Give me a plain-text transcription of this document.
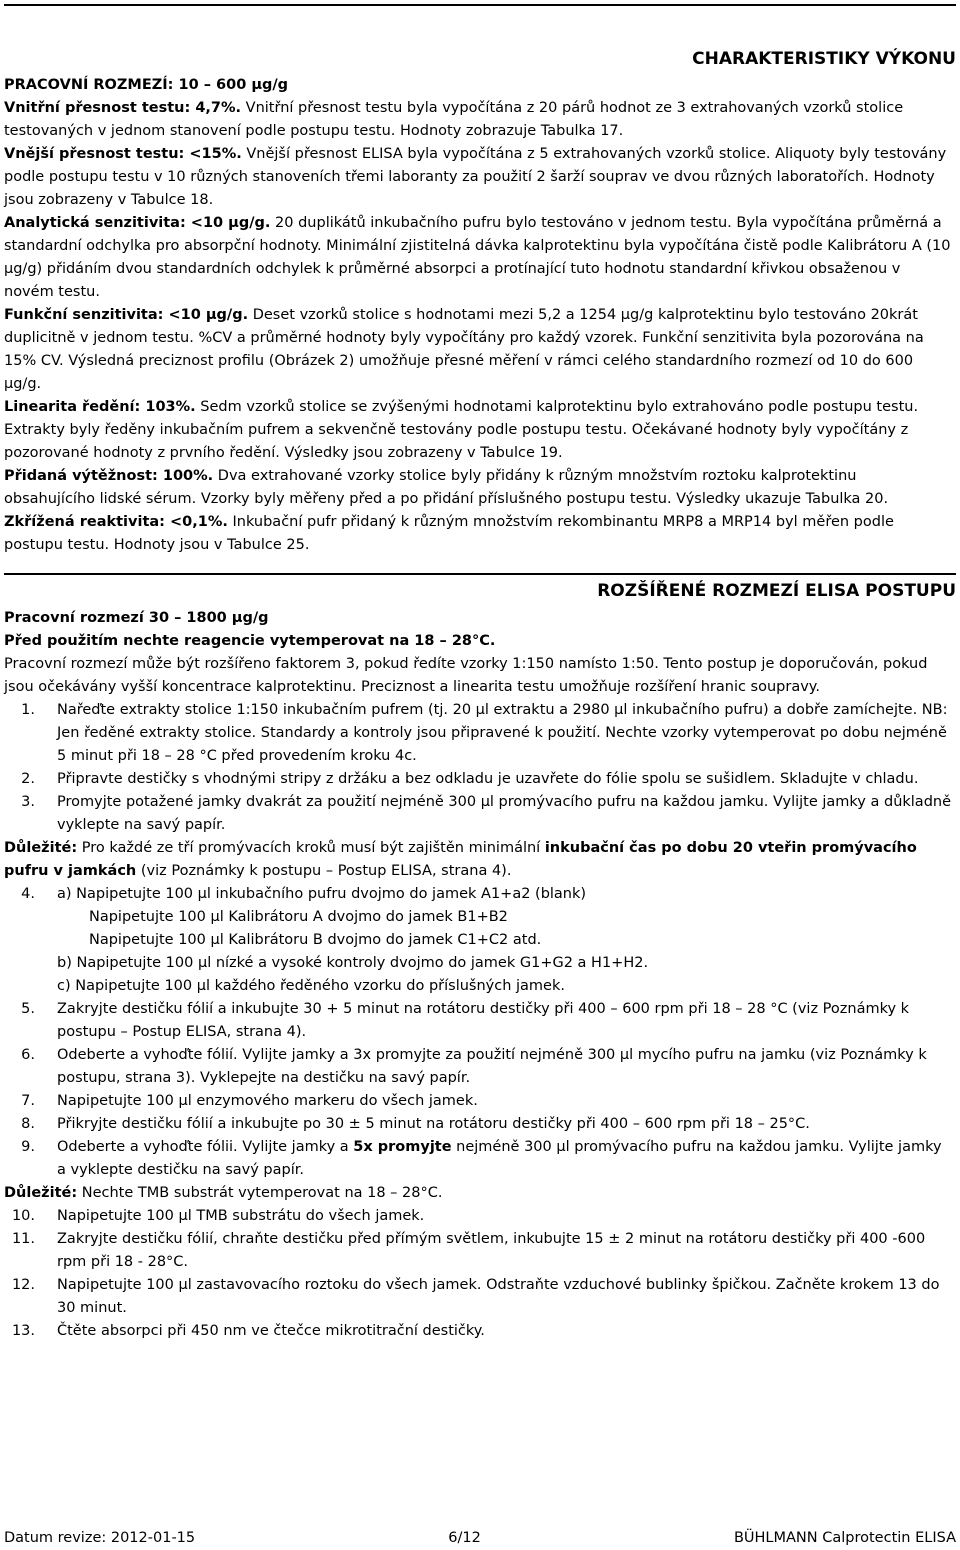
CHARAKTERISTIKY VÝKONU

PRACOVNÍ ROZMEZÍ: 10 – 600 µg/g

Vnitřní přesnost testu: 4,7%. Vnitřní přesnost testu byla vypočítána z 20 párů hodnot ze 3 extrahovaných vzorků stolice testovaných v jednom stanovení podle postupu testu. Hodnoty zobrazuje Tabulka 17.

Vnější přesnost testu: <15%. Vnější přesnost ELISA byla vypočítána z 5 extrahovaných vzorků stolice. Aliquoty byly testovány podle postupu testu v 10 různých stanoveních třemi laboranty za použití 2 šarží souprav ve dvou různých laboratořích. Hodnoty jsou zobrazeny v Tabulce 18.

Analytická senzitivita: <10 µg/g. 20 duplikátů inkubačního pufru bylo testováno v jednom testu. Byla vypočítána průměrná a standardní odchylka pro absorpční hodnoty. Minimální zjistitelná dávka kalprotektinu byla vypočítána čistě podle Kalibrátoru A (10 µg/g) přidáním dvou standardních odchylek k průměrné absorpci a protínající tuto hodnotu standardní křivkou obsaženou v novém testu.

Funkční senzitivita: <10 µg/g. Deset vzorků stolice s hodnotami mezi 5,2 a 1254 µg/g kalprotektinu bylo testováno 20krát duplicitně v jednom testu. %CV a průměrné hodnoty byly vypočítány pro každý vzorek. Funkční senzitivita byla pozorována na 15% CV. Výsledná preciznost profilu (Obrázek 2) umožňuje přesné měření v rámci celého standardního rozmezí od 10 do 600 µg/g.

Linearita ředění: 103%. Sedm vzorků stolice se zvýšenými hodnotami kalprotektinu bylo extrahováno podle postupu testu. Extrakty byly ředěny inkubačním pufrem a sekvenčně testovány podle postupu testu. Očekávané hodnoty byly vypočítány z pozorované hodnoty z prvního ředění. Výsledky jsou zobrazeny v Tabulce 19.

Přidaná výtěžnost: 100%. Dva extrahované vzorky stolice byly přidány k různým množstvím roztoku kalprotektinu obsahujícího lidské sérum. Vzorky byly měřeny před a po přidání příslušného postupu testu. Výsledky ukazuje Tabulka 20.

Zkřížená reaktivita: <0,1%. Inkubační pufr přidaný k různým množstvím rekombinantu MRP8 a MRP14 byl měřen podle postupu testu. Hodnoty jsou v Tabulce 25.

ROZŠÍŘENÉ ROZMEZÍ ELISA POSTUPU

Pracovní rozmezí 30 – 1800 µg/g

Před použitím nechte reagencie vytemperovat na 18 – 28°C.

Pracovní rozmezí může být rozšířeno faktorem 3, pokud ředíte vzorky 1:150 namísto 1:50. Tento postup je doporučován, pokud jsou očekávány vyšší koncentrace kalprotektinu. Preciznost a linearita testu umožňuje rozšíření hranic soupravy.

1.	Nařeďte extrakty stolice 1:150 inkubačním pufrem (tj. 20 µl extraktu a 2980 µl inkubačního pufru) a dobře zamíchejte. NB: Jen ředěné extrakty stolice. Standardy a kontroly jsou připravené k použití. Nechte vzorky vytemperovat po dobu nejméně 5 minut při 18 – 28 °C před provedením kroku 4c.
2.	Připravte destičky s vhodnými stripy z držáku a bez odkladu je uzavřete do fólie spolu se sušidlem. Skladujte v chladu.
3.	Promyjte potažené jamky dvakrát za použití nejméně 300 µl promývacího pufru na každou jamku. Vylijte jamky a důkladně vyklepte na savý papír.

Důležité: Pro každé ze tří promývacích kroků musí být zajištěn minimální inkubační čas po dobu 20 vteřin promývacího pufru v jamkách (viz Poznámky k postupu – Postup ELISA, strana 4).

4.	a) Napipetujte 100 µl inkubačního pufru dvojmo do jamek A1+a2 (blank)
Napipetujte 100 µl Kalibrátoru A dvojmo do jamek B1+B2
Napipetujte 100 µl Kalibrátoru B dvojmo do jamek C1+C2 atd.
b) Napipetujte 100 µl nízké a vysoké kontroly dvojmo do jamek G1+G2 a H1+H2.
c) Napipetujte 100 µl každého ředěného vzorku do příslušných jamek.
5.	Zakryjte destičku fólií a inkubujte 30 + 5 minut na rotátoru destičky při 400 – 600 rpm při 18 – 28 °C (viz Poznámky k postupu – Postup ELISA, strana 4).
6.	Odeberte a vyhoďte fólií. Vylijte jamky a 3x promyjte za použití nejméně 300 µl mycího pufru na jamku (viz Poznámky k postupu, strana 3). Vyklepejte na destičku na savý papír.
7.	Napipetujte 100 µl enzymového markeru do všech jamek.
8.	Přikryjte destičku fólií a inkubujte po 30 ± 5 minut na rotátoru destičky při 400 – 600 rpm při 18 – 25°C.
9.	Odeberte a vyhoďte fólii. Vylijte jamky a 5x promyjte nejméně 300 µl promývacího pufru na každou jamku. Vylijte jamky a vyklepte destičku na savý papír.

Důležité: Nechte TMB substrát vytemperovat na 18 – 28°C.

10.	Napipetujte 100 µl TMB substrátu do všech jamek.
11.	Zakryjte destičku fólií, chraňte destičku před přímým světlem, inkubujte 15 ± 2 minut na rotátoru destičky při 400 -600 rpm při 18 - 28°C.
12.	Napipetujte 100 µl zastavovacího roztoku do všech jamek. Odstraňte vzduchové bublinky špičkou. Začněte krokem 13 do 30 minut.
13.	Čtěte absorpci při 450 nm ve čtečce mikrotitrační destičky.
Datum revize: 2012-01-15	6/12	BÜHLMANN Calprotectin ELISA
